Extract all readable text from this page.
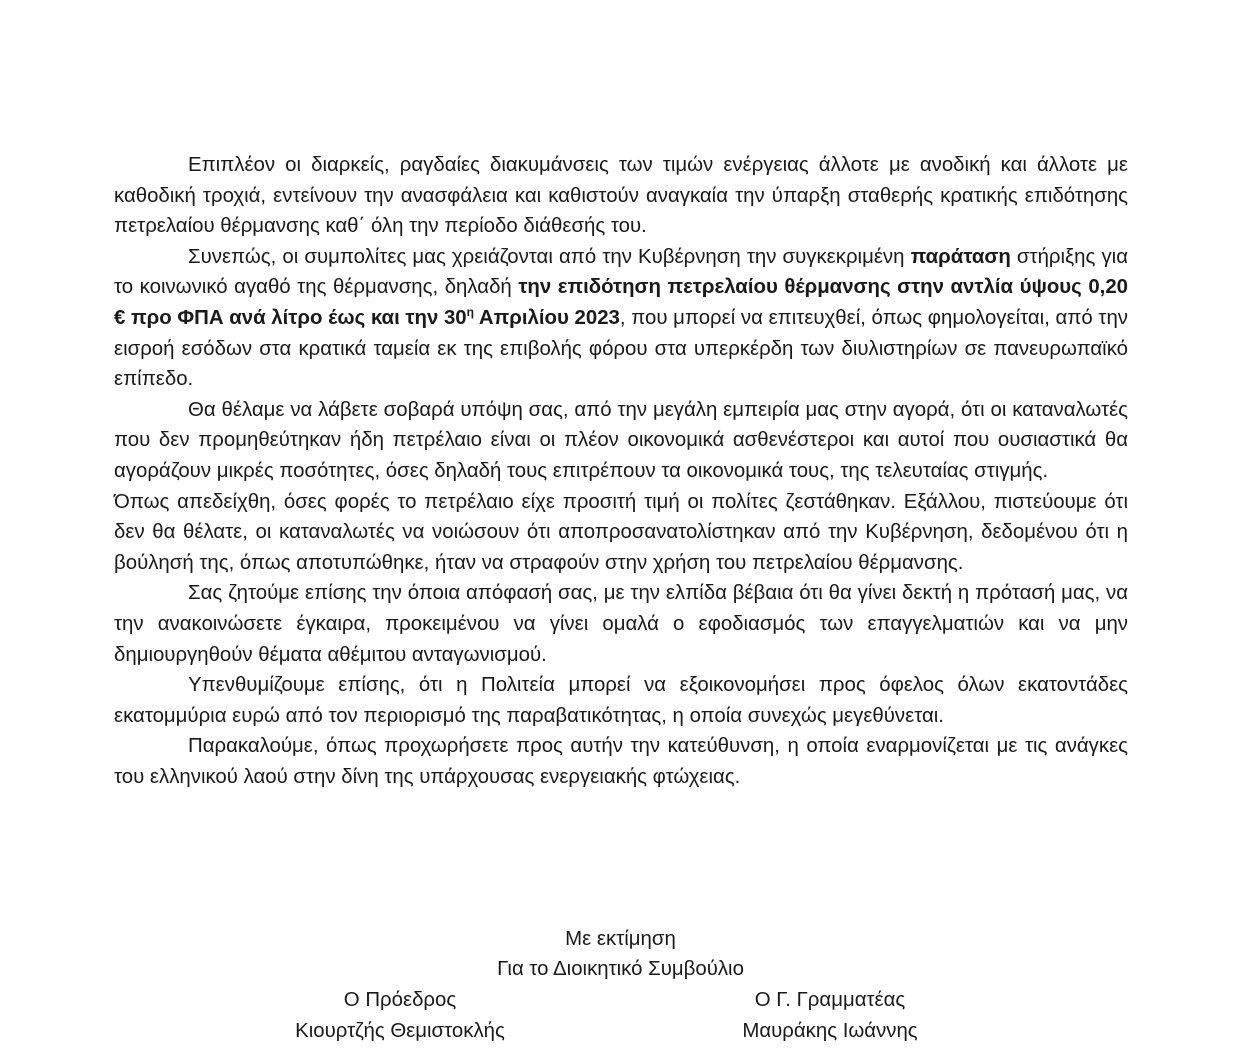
Επιπλέον οι διαρκείς, ραγδαίες διακυμάνσεις των τιμών ενέργειας άλλοτε με ανοδική και άλλοτε με καθοδική τροχιά, εντείνουν την ανασφάλεια και καθιστούν αναγκαία την ύπαρξη σταθερής κρατικής επιδότησης πετρελαίου θέρμανσης καθ΄ όλη την περίοδο διάθεσής του.

Συνεπώς, οι συμπολίτες μας χρειάζονται από την Κυβέρνηση την συγκεκριμένη παράταση στήριξης για το κοινωνικό αγαθό της θέρμανσης, δηλαδή την επιδότηση πετρελαίου θέρμανσης στην αντλία ύψους 0,20 € προ ΦΠΑ ανά λίτρο έως και την $30^\eta$ Απριλίου 2023, που μπορεί να επιτευχθεί, όπως φημολογείται, από την εισροή εσόδων στα κρατικά ταμεία εκ της επιβολής φόρου στα υπερκέρδη των διυλιστηρίων σε πανευρωπαϊκό επίπεδο.

Θα θέλαμε να λάβετε σοβαρά υπόψη σας, από την μεγάλη εμπειρία μας στην αγορά, ότι οι καταναλωτές που δεν προμηθεύτηκαν ήδη πετρέλαιο είναι οι πλέον οικονομικά ασθενέστεροι και αυτοί που ουσιαστικά θα αγοράζουν μικρές ποσότητες, όσες δηλαδή τους επιτρέπουν τα οικονομικά τους, της τελευταίας στιγμής.

Όπως απεδείχθη, όσες φορές το πετρέλαιο είχε προσιτή τιμή οι πολίτες ζεστάθηκαν. Εξάλλου, πιστεύουμε ότι δεν θα θέλατε, οι καταναλωτές να νοιώσουν ότι αποπροσανατολίστηκαν από την Κυβέρνηση, δεδομένου ότι η βούλησή της, όπως αποτυπώθηκε, ήταν να στραφούν στην χρήση του πετρελαίου θέρμανσης.

Σας ζητούμε επίσης την όποια απόφασή σας, με την ελπίδα βέβαια ότι θα γίνει δεκτή η πρότασή μας, να την ανακοινώσετε έγκαιρα, προκειμένου να γίνει ομαλά ο εφοδιασμός των επαγγελματιών και να μην δημιουργηθούν θέματα αθέμιτου ανταγωνισμού.

Υπενθυμίζουμε επίσης, ότι η Πολιτεία μπορεί να εξοικονομήσει προς όφελος όλων εκατοντάδες εκατομμύρια ευρώ από τον περιορισμό της παραβατικότητας, η οποία συνεχώς μεγεθύνεται.

Παρακαλούμε, όπως προχωρήσετε προς αυτήν την κατεύθυνση, η οποία εναρμονίζεται με τις ανάγκες του ελληνικού λαού στην δίνη της υπάρχουσας ενεργειακής φτώχειας.

Με εκτίμηση
Για το Διοικητικό Συμβούλιο
Ο Πρόεδρος	Ο Γ. Γραμματέας
Κιουρτζής Θεμιστοκλής	Μαυράκης Ιωάννης
